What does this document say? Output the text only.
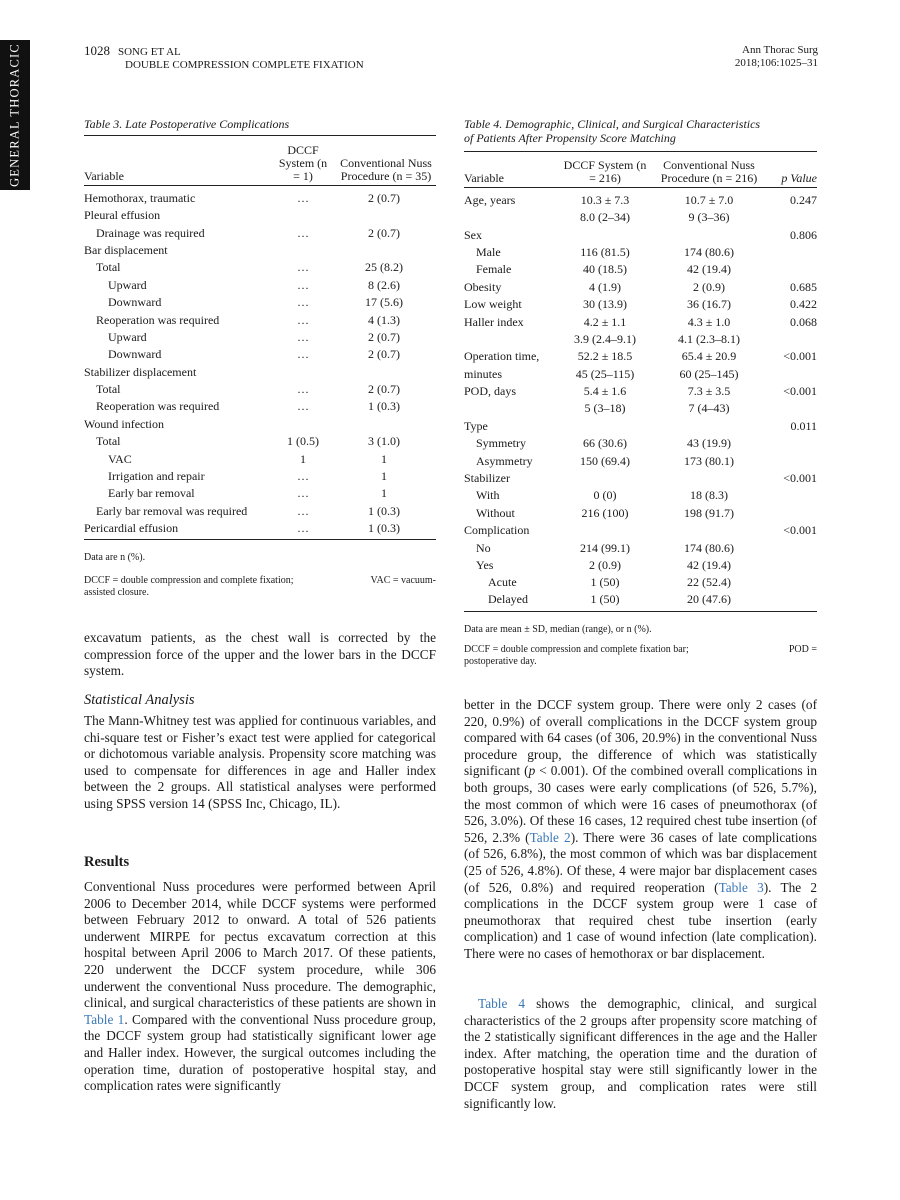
GENERAL THORACIC	1028 SONG ET AL
DOUBLE COMPRESSION COMPLETE FIXATION
Ann Thorac Surg
2018;106:1025–31
Table 3. Late Postoperative Complications
Variable	DCCF System (n = 1)	Conventional Nuss Procedure (n = 35)
Hemothorax, traumatic	…	2 (0.7)
Pleural effusion		
Drainage was required	…	2 (0.7)
Bar displacement		
Total	…	25 (8.2)
Upward	…	8 (2.6)
Downward	…	17 (5.6)
Reoperation was required	…	4 (1.3)
Upward	…	2 (0.7)
Downward	…	2 (0.7)
Stabilizer displacement		
Total	…	2 (0.7)
Reoperation was required	…	1 (0.3)
Wound infection		
Total	1 (0.5)	3 (1.0)
VAC	1	1
Irrigation and repair	…	1
Early bar removal	…	1
Early bar removal was required	…	1 (0.3)
Pericardial effusion	…	1 (0.3)
Data are n (%).
DCCF = double compression and complete fixation;	VAC = vacuum-
assisted closure.
Table 4. Demographic, Clinical, and Surgical Characteristics
of Patients After Propensity Score Matching
Variable	DCCF System (n = 216)	Conventional Nuss Procedure (n = 216)	p Value
Age, years	10.3 ± 7.3	10.7 ± 7.0	0.247
	8.0 (2–34)	9 (3–36)	
Sex			0.806
Male	116 (81.5)	174 (80.6)	
Female	40 (18.5)	42 (19.4)	
Obesity	4 (1.9)	2 (0.9)	0.685
Low weight	30 (13.9)	36 (16.7)	0.422
Haller index	4.2 ± 1.1	4.3 ± 1.0	0.068
	3.9 (2.4–9.1)	4.1 (2.3–8.1)	
Operation time,	52.2 ± 18.5	65.4 ± 20.9	<0.001
minutes	45 (25–115)	60 (25–145)	
POD, days	5.4 ± 1.6	7.3 ± 3.5	<0.001
	5 (3–18)	7 (4–43)	
Type			0.011
Symmetry	66 (30.6)	43 (19.9)	
Asymmetry	150 (69.4)	173 (80.1)	
Stabilizer			<0.001
With	0 (0)	18 (8.3)	
Without	216 (100)	198 (91.7)	
Complication			<0.001
No	214 (99.1)	174 (80.6)	
Yes	2 (0.9)	42 (19.4)	
Acute	1 (50)	22 (52.4)	
Delayed	1 (50)	20 (47.6)	
Data are mean ± SD, median (range), or n (%).
DCCF = double compression and complete fixation bar;	POD =
postoperative day.

excavatum patients, as the chest wall is corrected by the compression force of the upper and the lower bars in the DCCF system.

Statistical Analysis

The Mann-Whitney test was applied for continuous variables, and chi-square test or Fisher’s exact test were applied for categorical or dichotomous variable analysis. Propensity score matching was used to compensate for differences in age and Haller index between the 2 groups. All statistical analyses were performed using SPSS version 14 (SPSS Inc, Chicago, IL).

Results

Conventional Nuss procedures were performed between April 2006 to December 2014, while DCCF systems were performed between February 2012 to onward. A total of 526 patients underwent MIRPE for pectus excavatum correction at this hospital between April 2006 to March 2017. Of these patients, 220 underwent the DCCF system procedure, while 306 underwent the conventional Nuss procedure. The demographic, clinical, and surgical characteristics of these patients are shown in Table 1. Compared with the conventional Nuss procedure group, the DCCF system group had statistically significant lower age and Haller index. However, the surgical outcomes including the operation time, duration of postoperative hospital stay, and complication rates were significantly

better in the DCCF system group. There were only 2 cases (of 220, 0.9%) of overall complications in the DCCF system group compared with 64 cases (of 306, 20.9%) in the conventional Nuss procedure group, the difference of which was statistically significant (p < 0.001). Of the combined overall complications in both groups, 30 cases were early complications (of 526, 5.7%), the most common of which were 16 cases of pneumothorax (of 526, 3.0%). Of these 16 cases, 12 required chest tube insertion (of 526, 2.3% (Table 2). There were 36 cases of late complications (of 526, 6.8%), the most common of which was bar displacement (25 of 526, 4.8%). Of these, 4 were major bar displacement cases (of 526, 0.8%) and required reoperation (Table 3). The 2 complications in the DCCF system group were 1 case of pneumothorax that required chest tube insertion (early complication) and 1 case of wound infection (late complication). There were no cases of hemothorax or bar displacement.

Table 4 shows the demographic, clinical, and surgical characteristics of the 2 groups after propensity score matching of the 2 statistically significant differences in the age and the Haller index. After matching, the operation time and the duration of postoperative hospital stay were still significantly lower in the DCCF system group, and complication rates were still significantly low.
